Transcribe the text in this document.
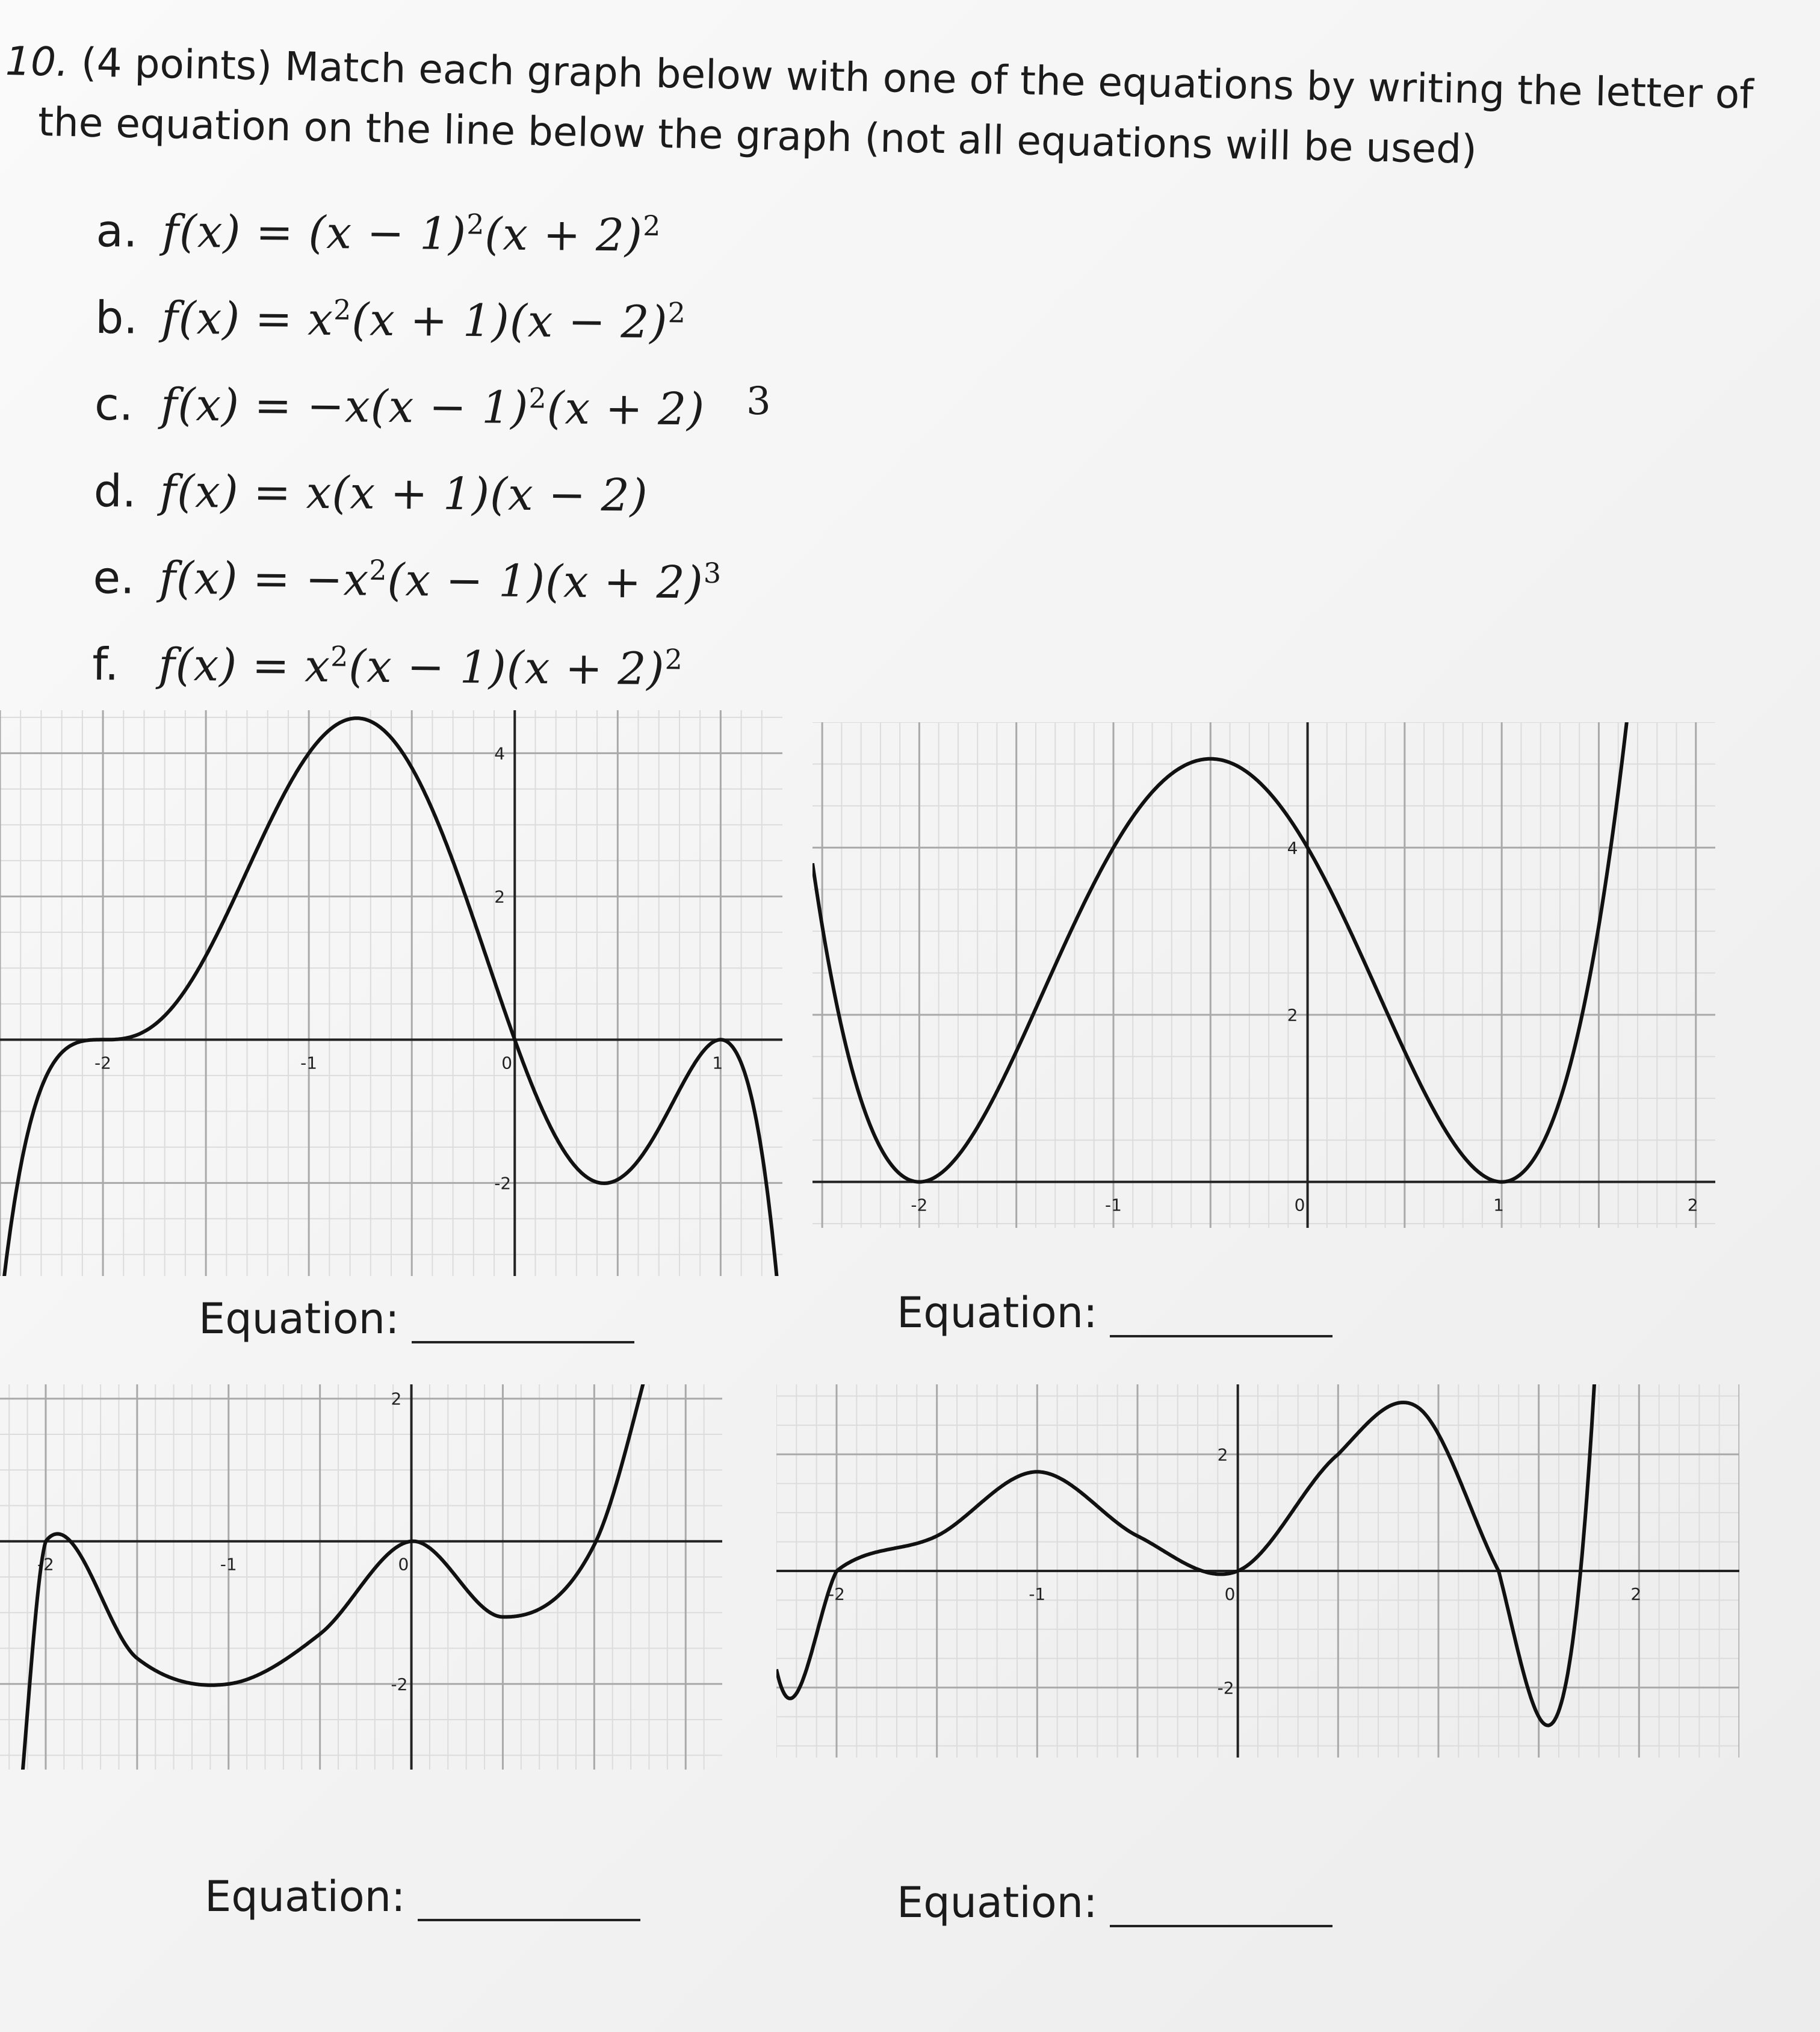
10. (4 points) Match each graph below with one of the equations by writing the letter of
the equation on the line below the graph (not all equations will be used)
a. $f(x) = (x - 1)^2(x + 2)^2$
b. $f(x) = x^2(x + 1)(x - 2)^2$
c. $f(x) = -x(x - 1)^2(x + 2)$
d. f(x) = x(x + 1)(x − 2)
e. $f(x) = -x^2(x - 1)(x + 2)^3$
f. $f(x) = x^2(x - 1)(x + 2)^2$
3
-2	-1	0	1
4
2
-2
-2	-1	0	1	2
4
2
-2	-1	0
2
-2
-2	-1	0	2
2
-2
Equation:	Equation:
Equation:	Equation:
